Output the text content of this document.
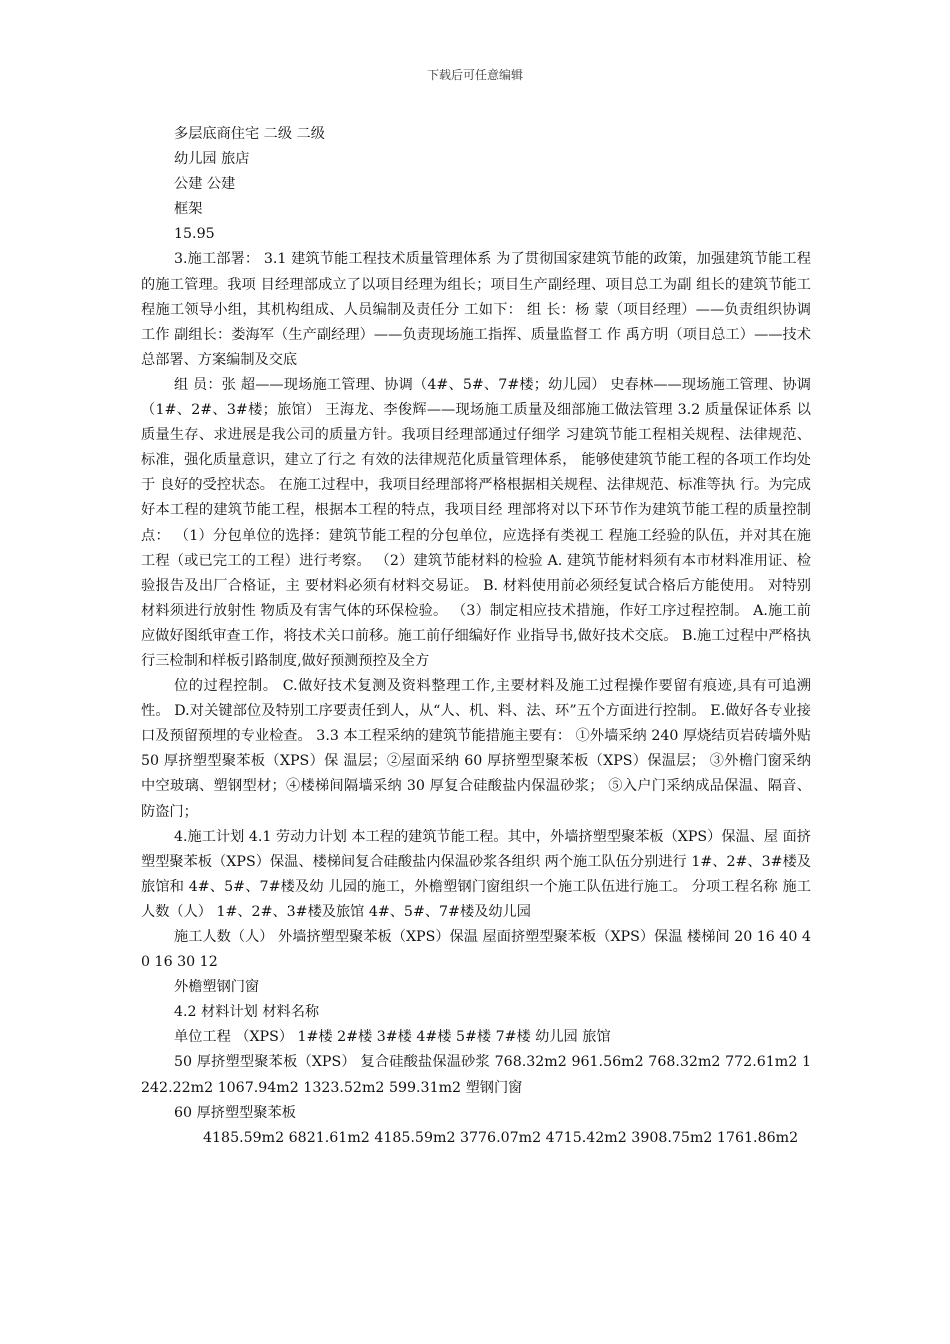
下载后可任意编辑

多层底商住宅 二级 二级

幼儿园 旅店

公建 公建

框架

15.95

3.施工部署： 3.1 建筑节能工程技术质量管理体系 为了贯彻国家建筑节能的政策，加强建筑节能工程的施工管理。我项 目经理部成立了以项目经理为组长；项目生产副经理、项目总工为副 组长的建筑节能工程施工领导小组，其机构组成、人员编制及责任分 工如下： 组 长：杨 蒙（项目经理）——负责组织协调工作 副组长：娄海军（生产副经理）——负责现场施工指挥、质量监督工 作 禹方明（项目总工）——技术总部署、方案编制及交底

组 员：张 超——现场施工管理、协调（4#、5#、7#楼；幼儿园） 史春林——现场施工管理、协调（1#、2#、3#楼；旅馆） 王海龙、李俊辉——现场施工质量及细部施工做法管理 3.2 质量保证体系 以质量生存、求进展是我公司的质量方针。我项目经理部通过仔细学 习建筑节能工程相关规程、法律规范、标准，强化质量意识，建立了行之 有效的法律规范化质量管理体系， 能够使建筑节能工程的各项工作均处于 良好的受控状态。 在施工过程中，我项目经理部将严格根据相关规程、法律规范、标准等执 行。为完成好本工程的建筑节能工程，根据本工程的特点，我项目经 理部将对以下环节作为建筑节能工程的质量控制点： （1）分包单位的选择：建筑节能工程的分包单位，应选择有类视工 程施工经验的队伍，并对其在施工程（或已完工的工程）进行考察。 （2）建筑节能材料的检验 A. 建筑节能材料须有本市材料准用证、检验报告及出厂合格证，主 要材料必须有材料交易证。 B. 材料使用前必须经复试合格后方能使用。 对特别材料须进行放射性 物质及有害气体的环保检验。 （3）制定相应技术措施，作好工序过程控制。 A.施工前应做好图纸审查工作，将技术关口前移。施工前仔细编好作 业指导书,做好技术交底。 B.施工过程中严格执行三检制和样板引路制度,做好预测预控及全方

位的过程控制。 C.做好技术复测及资料整理工作,主要材料及施工过程操作要留有痕迹,具有可追溯性。 D.对关键部位及特别工序要责任到人，从“人、机、料、法、环”五个方面进行控制。 E.做好各专业接口及预留预埋的专业检查。 3.3 本工程采纳的建筑节能措施主要有： ①外墙采纳 240 厚烧结页岩砖墙外贴 50 厚挤塑型聚苯板（XPS）保 温层；②屋面采纳 60 厚挤塑型聚苯板（XPS）保温层； ③外檐门窗采纳中空玻璃、塑钢型材；④楼梯间隔墙采纳 30 厚复合硅酸盐内保温砂浆； ⑤入户门采纳成品保温、隔音、防盗门；

4.施工计划 4.1 劳动力计划 本工程的建筑节能工程。其中，外墙挤塑型聚苯板（XPS）保温、屋 面挤塑型聚苯板（XPS）保温、楼梯间复合硅酸盐内保温砂浆各组织 两个施工队伍分别进行 1#、2#、3#楼及旅馆和 4#、5#、7#楼及幼 儿园的施工，外檐塑钢门窗组织一个施工队伍进行施工。 分项工程名称 施工人数（人） 1#、2#、3#楼及旅馆 4#、5#、7#楼及幼儿园

施工人数（人） 外墙挤塑型聚苯板（XPS）保温 屋面挤塑型聚苯板（XPS）保温 楼梯间 20 16 40 40 16 30 12

外檐塑钢门窗

4.2 材料计划 材料名称

单位工程 （XPS） 1#楼 2#楼 3#楼 4#楼 5#楼 7#楼 幼儿园 旅馆

50 厚挤塑型聚苯板（XPS） 复合硅酸盐保温砂浆 768.32m2 961.56m2 768.32m2 772.61m2 1242.22m2 1067.94m2 1323.52m2 599.31m2 塑钢门窗

60 厚挤塑型聚苯板

4185.59m2 6821.61m2 4185.59m2 3776.07m2 4715.42m2 3908.75m2 1761.86m2
